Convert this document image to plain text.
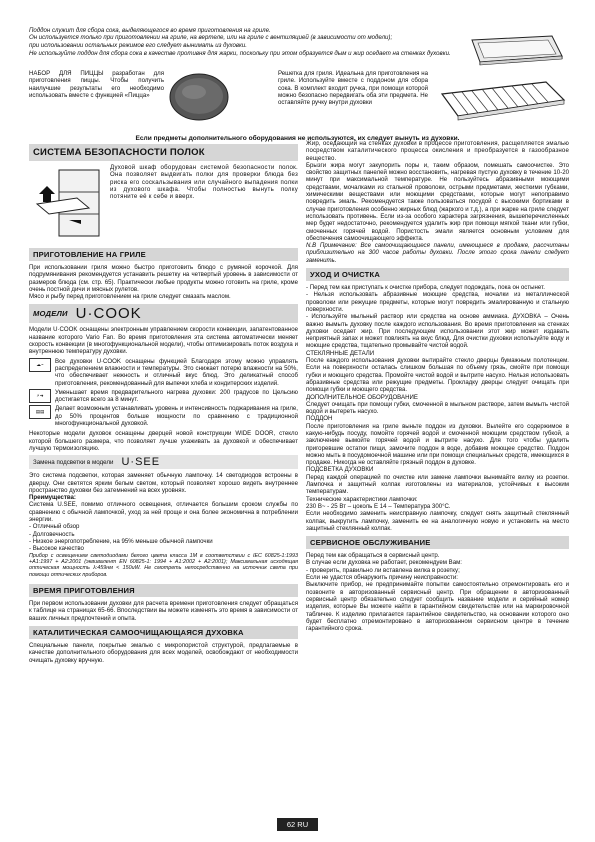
Поддон служит для сбора сока, выделяющегося во время приготовления на гриле.

Он используется только при приготовлении на гриле, на вертеле, или на гриле с вентиляцией (в зависимости от модели);

при использовании остальных режимов его следует вынимать из духовки.

Не используйте поддон для сбора сока в качестве противня для жарки, поскольку при этом образуется дым и жир оседает на стенках духовки.

НАБОР ДЛЯ ПИЦЦЫ разработан для приготовления пиццы. Чтобы получить наилучшие результаты его необходимо использовать вместе с функцией «Пицца»

Решетка для гриля. Идеальна для приготовления на гриле. Используйте вместе с поддоном для сбора сока. В комплект входит ручка, при помощи которой можно безопасно передвигать оба эти предмета. Не оставляйте ручку внутри духовки

Если предметы дополнительного оборудования не используются, их следует вынуть из духовки.

СИСТЕМА БЕЗОПАСНОСТИ ПОЛОК

Духовой шкаф оборудован системой безопасности полок. Она позволяет выдвигать полки для проверки блюда без риска его соскальзывания или случайного выпадения полки из духового шкафа. Чтобы полностью вынуть полку потяните её к себе и вверх.

ПРИГОТОВЛЕНИЕ НА ГРИЛЕ

При использовании гриля можно быстро приготовить блюдо с румяной корочкой. Для подрумянивания рекомендуется устанавить решетку на четвертый уровень в зависимости от размеров блюда (см. стр. 65). Практически любые продукты можно готовить на гриле, кроме очень постной дичи и мясных рулетов.

Мясо и рыбу перед приготовлением на гриле следует смазать маслом.

МОДЕЛИ U·COOK

Модели U·COOK оснащены электронным управлением скорости конвекции, запатентованное название которого Vario Fan. Во время приготовления эта система автоматически меняет скорость конвекции (в многофункциональной модели), чтобы оптимизировать поток воздуха и внутреннюю температуру духовки.

☁~	Все духовки U·COOK оснащены функцией Благодаря этому можно управлять распределением влажности и температуры. Это снижает потерю влажности на 50%, что обеспечивает нежность и отличный вкус блюд. Это деликатный способ приготовления, рекомендованный для выпечки хлеба и кондитерских изделий.

⚡➜	Уменьшает время предварительного нагрева духовки: 200 градусов по Цельсию достигается всего за 8 минут.

▤▤	Делает возможным устанавливать уровень и интенсивность поджаривания на гриле, до 50% процентов больше мощности по сравнению с традиционной многофункциональной духовкой.

Некоторые модели духовок оснащены дверцей новой конструкции WIDE DOOR, стекло которой большего размера, что позволяет лучше ухаживать за духовкой и обеспечивает лучшую термоизоляцию.

Замена подсветки в модели U·SEE

Это система подсветки, которая заменяет обычную лампочку. 14 светодиодов встроены в дверцу. Они светятся ярким белым светом, который позволяет хорошо видеть внутреннее пространство духовки без затемнений на всех уровнях.

Преимущества:

Система U.SEE, помимо отличного освещения, отличается большим сроком службы по сравнению с обычной лампочкой, уход за ней проще и она более экономична в потреблении энергии.

- Отличный обзор

- Долговечность

- Низкое энергопотребление, на 95% меньше обычной лампочки

- Высокое качество

Прибор с освещением светодиодами белого цвета класса 1M в соответствии с IEC 60825-1:1993 +A1:1997 + A2:2001 (эквивалент EN 60825-1: 1994 + A1:2002 + A2:2001); Максимальная исходящая оптическая мощность λ:459нм < 150uW. Не смотреть непосредственно на источник света при помощи оптических приборов.

ВРЕМЯ ПРИГОТОВЛЕНИЯ

При первом использовании духовки для расчета времени приготовления следует обращаться к таблице на страницах 65-66. Впоследствии вы можете изменять это время в зависимости от ваших личных предпочтений и опыта.

КАТАЛИТИЧЕСКАЯ САМООЧИЩАЮЩАЯСЯ ДУХОВКА

Специальные панели, покрытые эмалью с микропористой структурой, предлагаемые в качестве дополнительного оборудования для всех моделей, освобождают от необходимости очищать духовку вручную.

Жир, оседающий на стенках духовки в процессе приготовления, расщепляется эмалью посредством каталитического процесса окисления и преобразуется в газообразное вещество.

Брызги жира могут закупорить поры и, таким образом, помешать самоочистке. Это свойство защитных панелей можно восстановить, нагревая пустую духовку в течение 10-20 минут при максимальной температуре. Не пользуйтесь абразивными моющими средствами, мочалками из стальной проволоки, острыми предметами, жесткими губками, химическими веществами или моющими средствами, которые могут непоправимо повредить эмаль. Рекомендуется также пользоваться посудой с высокими бортиками в случае приготовления особенно жирных блюд (жаркого и т.д.), а при жарке на гриле следует использовать противень. Если из-за особого характера загрязнения, вышеперечисленных мер будет недостаточно, рекомендуется удалить жир при помощи мягкой ткани или губки, смоченных горячей водой. Пористость эмали является основным условием для обеспечения самоочищающего эффекта.

N.B Примечание: Все самоочищающиеся панели, имеющиеся в продаже, рассчитаны приблизительно на 300 часов работы духовки. После этого срока панели следует заменить.

УХОД И ОЧИСТКА

- Перед тем как приступать к очистке прибора, следует подождать, пока он остынет.

- Нельзя использовать абразивные моющие средства, мочалки из металлической проволоки или режущие предметы, которые могут повредить эмалированную и стальную поверхности.

- Используйте мыльный раствор или средства на основе аммиака. ДУХОВКА – Очень важно вымыть духовку после каждого использования. Во время приготовления на стенках духовки оседает жир. При последующем использовании этот жир может издавать неприятный запах и может повлиять на вкус блюд. Для очистки духовки используйте воду и моющие средства, тщательно промывайте чистой водой.

СТЕКЛЯННЫЕ ДЕТАЛИ

После каждого использования духовки вытирайте стекло дверцы бумажным полотенцем. Если на поверхности осталась слишком большая по объему грязь, смойте при помощи губки и моющего средства. Промойте чистой водой и вытрите насухо. Нельзя использовать абразивные средства или режущие предметы. Прокладку дверцы следует очищать при помощи губки и моющего средства.

ДОПОЛНИТЕЛЬНОЕ ОБОРУДОВАНИЕ

Следует очищать при помощи губки, смоченной в мыльном растворе, затем вымыть чистой водой и вытереть насухо.

ПОДДОН

После приготовления на гриле выньте поддон из духовки. Вылейте его содержимое в какую-нибудь посуду, помойте горячей водой и смоченной моющим средством губкой, а заключение вымойте горячей водой и вытрите насухо. Для того чтобы удалить пригоревшие остатки пищи, замочите поддон в воде, добавив моющее средство. Поддон можно мыть в посудомоечной машине или при помощи специальных средств, имеющихся в продаже. Никогда не оставляйте грязный поддон в духовке.

ПОДСВЕТКА ДУХОВКИ

Перед каждой операцией по очистке или замене лампочки вынимайте вилку из розетки. Лампочка и защитный колпак изготовлены из материалов, устойчивых к высоким температурам.

Технические характеристики лампочки:

230 В~ - 25 Вт – цоколь Е 14 – Температура 300°С.

Если необходимо заменить неисправную лампочку, следует снять защитный стеклянный колпак, выкрутить лампочку, заменить ее на аналогичную новую и установить на место защитный стеклянный колпак.

СЕРВИСНОЕ ОБСЛУЖИВАНИЕ

Перед тем как обращаться в сервисный центр.

В случае если духовка не работает, рекомендуем Вам:

- проверить, правильно ли вставлена вилка в розетку;

Если не удастся обнаружить причину неисправности:

Выключите прибор, не предпринимайте попытки самостоятельно отремонтировать его и позвоните в авторизованный сервисный центр. При обращении в авторизованный сервисный центр обязательно следует сообщить название модели и серийный номер изделия, которые Вы можете найти в гарантийном свидетельстве или на маркировочной табличке. К изделию прилагается гарантийное свидетельство, на основании которого оно будет бесплатно отремонтировано в авторизованном сервисном центре в течение гарантийного срока.

62 RU
